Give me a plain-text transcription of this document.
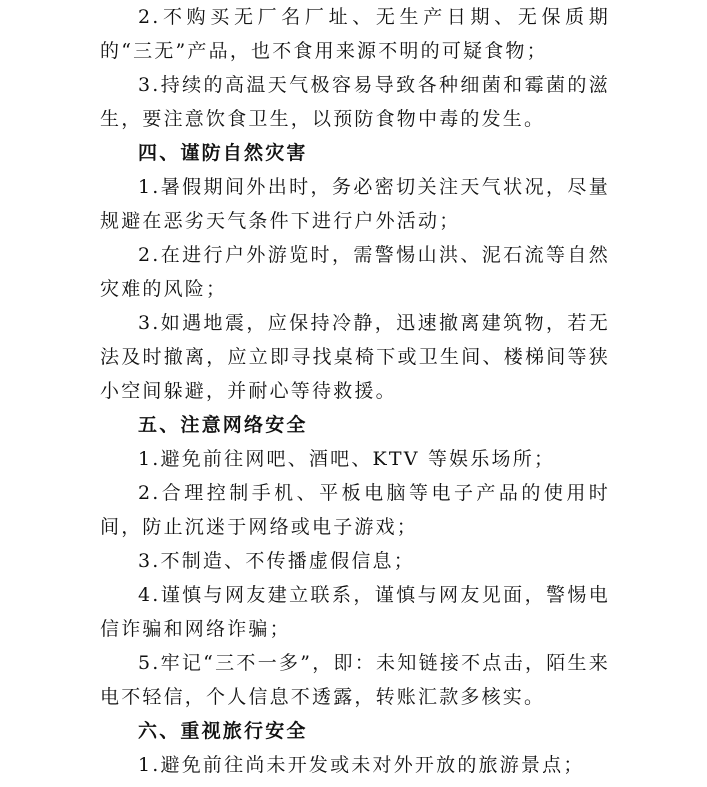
2.不购买无厂名厂址、无生产日期、无保质期的“三无”产品，也不食用来源不明的可疑食物；

3.持续的高温天气极容易导致各种细菌和霉菌的滋生，要注意饮食卫生，以预防食物中毒的发生。

四、谨防自然灾害

1.暑假期间外出时，务必密切关注天气状况，尽量规避在恶劣天气条件下进行户外活动；

2.在进行户外游览时，需警惕山洪、泥石流等自然灾难的风险；

3.如遇地震，应保持冷静，迅速撤离建筑物，若无法及时撤离，应立即寻找桌椅下或卫生间、楼梯间等狭小空间躲避，并耐心等待救援。

五、注意网络安全

1.避免前往网吧、酒吧、KTV 等娱乐场所；

2.合理控制手机、平板电脑等电子产品的使用时间，防止沉迷于网络或电子游戏；

3.不制造、不传播虚假信息；

4.谨慎与网友建立联系，谨慎与网友见面，警惕电信诈骗和网络诈骗；

5.牢记“三不一多”，即：未知链接不点击，陌生来电不轻信，个人信息不透露，转账汇款多核实。

六、重视旅行安全

1.避免前往尚未开发或未对外开放的旅游景点；
